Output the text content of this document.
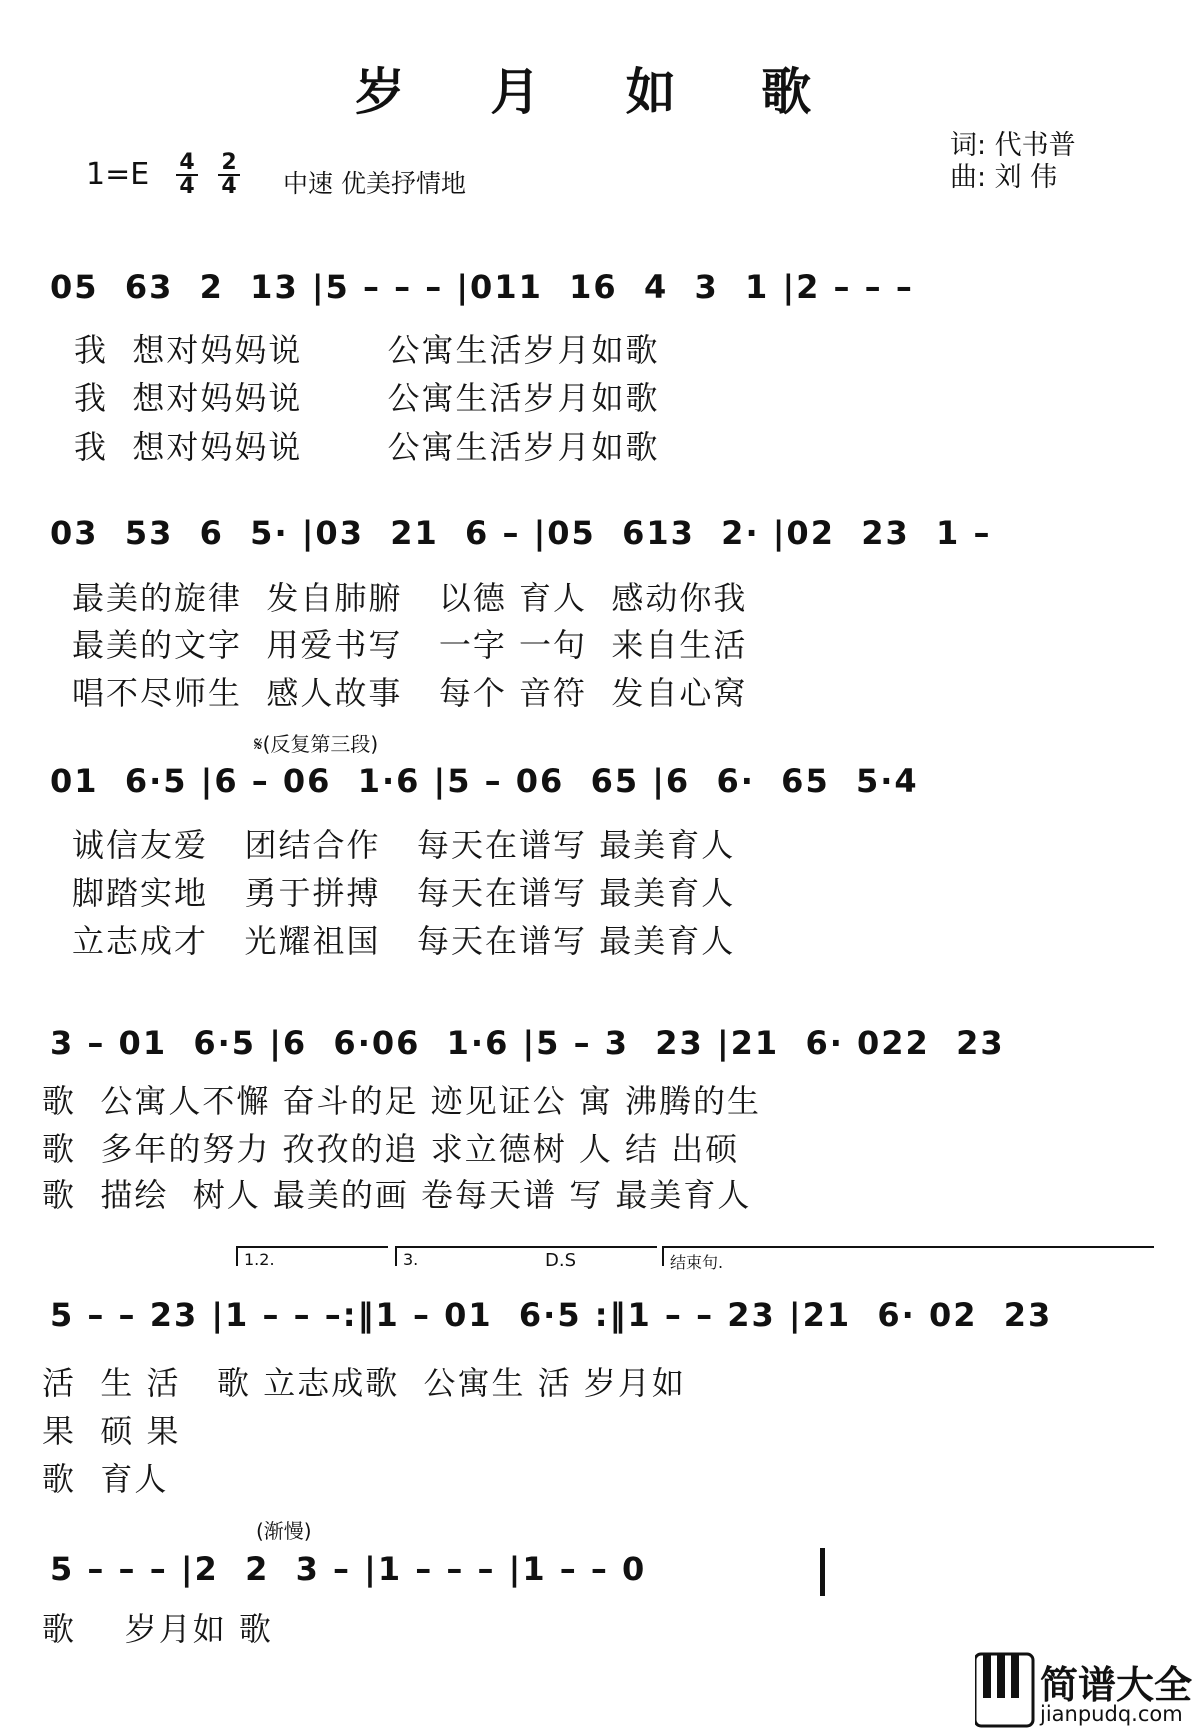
岁 月 如 歌
词: 代书普
曲: 刘 伟
1=E 4
4
2
4 中速 优美抒情地
05  63  2  13 |5 – – – |011  16  4  3  1 |2 – – –
我  想对妈妈说       公寓生活岁月如歌
我  想对妈妈说       公寓生活岁月如歌
我  想对妈妈说       公寓生活岁月如歌
03  53  6  5· |03  21  6 – |05  613  2· |02  23  1 –
最美的旋律  发自肺腑   以德 育人  感动你我
最美的文字  用爱书写   一字 一句  来自生活
唱不尽师生  感人故事   每个 音符  发自心窝
𝄋(反复第三段)
01  6·5 |6 – 06  1·6 |5 – 06  65 |6  6·  65  5·4
诚信友爱   团结合作   每天在谱写 最美育人
脚踏实地   勇于拼搏   每天在谱写 最美育人
立志成才   光耀祖国   每天在谱写 最美育人
3 – 01  6·5 |6  6·06  1·6 |5 – 3  23 |21  6· 022  23
歌  公寓人不懈 奋斗的足 迹见证公 寓 沸腾的生
歌  多年的努力 孜孜的追 求立德树 人 结 出硕
歌  描绘  树人 最美的画 卷每天谱 写 最美育人
1.2.	3.	D.S	结束句.
5 – – 23 |1 – – –:‖1 – 01  6·5 :‖1 – – 23 |21  6· 02  23
活  生 活   歌 立志成歌  公寓生 活 岁月如
果  硕 果
歌  育人
(渐慢)
5 – – – |2  2  3 – |1 – – – |1 – – 0
歌    岁月如 歌
简谱大全
jianpudq.com
